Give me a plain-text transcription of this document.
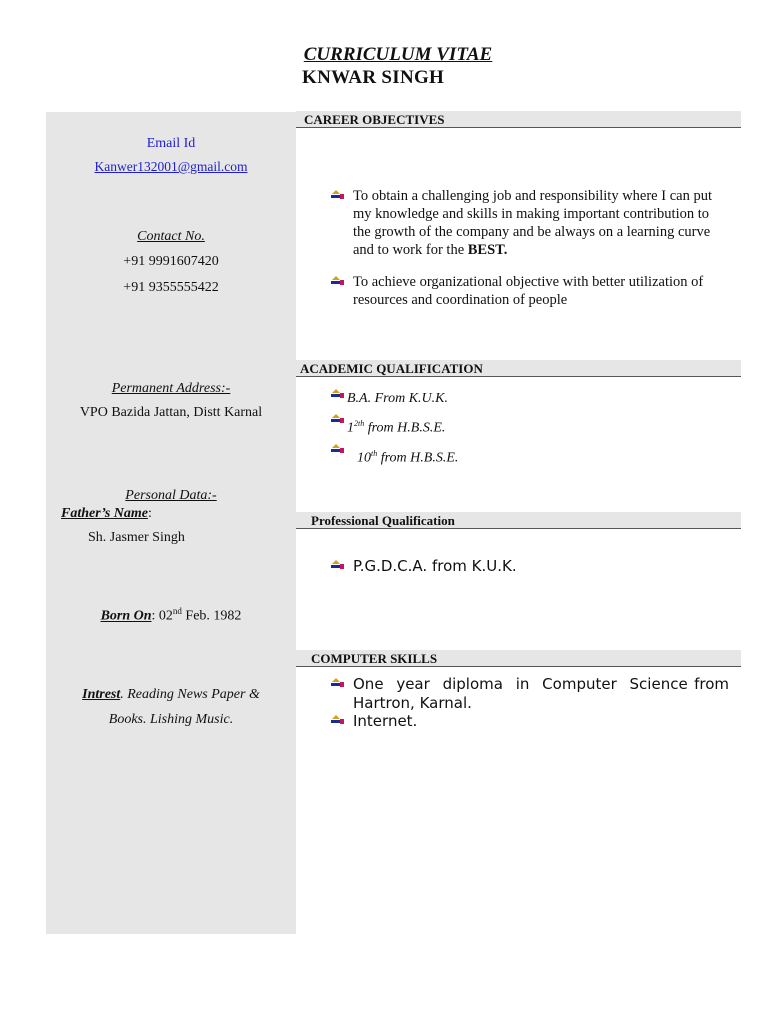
CURRICULUM VITAE
KNWAR SINGH
Email Id
Kanwer132001@gmail.com
Contact No.
+91 9991607420
+91 9355555422
Permanent Address:-
VPO Bazida Jattan, Distt Karnal
Personal Data:-
Father’s Name:
Sh. Jasmer Singh
Born On: 02nd Feb. 1982
Intrest. Reading News Paper &
Books. Lishing Music.
CAREER OBJECTIVES
To obtain a challenging job and responsibility where I can put my knowledge and skills in making important contribution to the growth of the company and be always on a learning curve and to work for the BEST.
To achieve organizational objective with better utilization of resources and coordination of people
ACADEMIC QUALIFICATION
B.A. From K.U.K.
$1^{2th}$ from H.B.S.E.
10th from H.B.S.E.
Professional Qualification
P.G.D.C.A. from K.U.K.
COMPUTER SKILLS
One  year  diploma  in  Computer  Science from Hartron, Karnal.
Internet.
